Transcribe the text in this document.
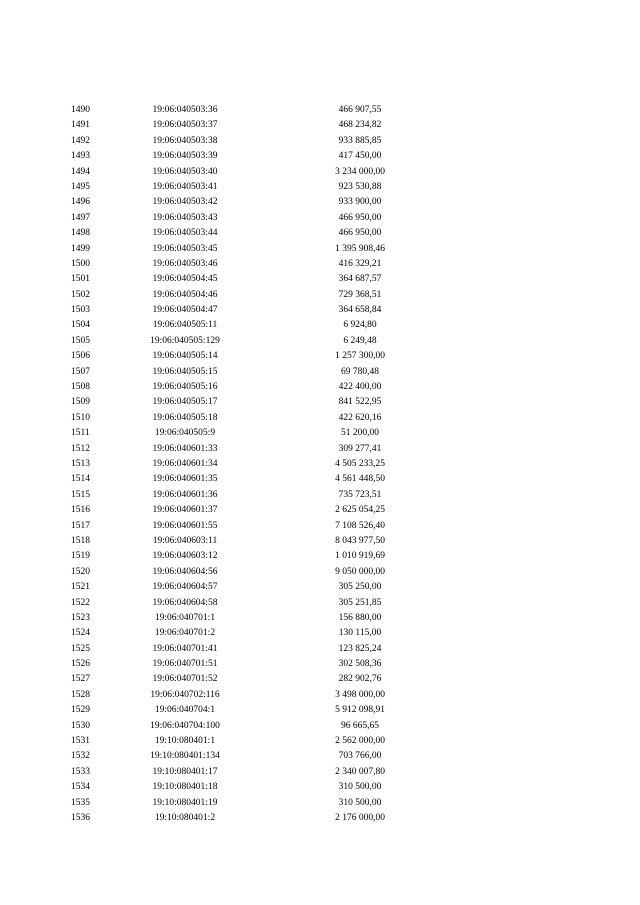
1490	19:06:040503:36	466 907,55
1491	19:06:040503:37	468 234,82
1492	19:06:040503:38	933 885,85
1493	19:06:040503:39	417 450,00
1494	19:06:040503:40	3 234 000,00
1495	19:06:040503:41	923 530,88
1496	19:06:040503:42	933 900,00
1497	19:06:040503:43	466 950,00
1498	19:06:040503:44	466 950,00
1499	19:06:040503:45	1 395 908,46
1500	19:06:040503:46	416 329,21
1501	19:06:040504:45	364 687,57
1502	19:06:040504:46	729 368,51
1503	19:06:040504:47	364 658,84
1504	19:06:040505:11	6 924,80
1505	19:06:040505:129	6 249,48
1506	19:06:040505:14	1 257 300,00
1507	19:06:040505:15	69 780,48
1508	19:06:040505:16	422 400,00
1509	19:06:040505:17	841 522,95
1510	19:06:040505:18	422 620,16
1511	19:06:040505:9	51 200,00
1512	19:06:040601:33	309 277,41
1513	19:06:040601:34	4 505 233,25
1514	19:06:040601:35	4 561 448,50
1515	19:06:040601:36	735 723,51
1516	19:06:040601:37	2 625 054,25
1517	19:06:040601:55	7 108 526,40
1518	19:06:040603:11	8 043 977,50
1519	19:06:040603:12	1 010 919,69
1520	19:06:040604:56	9 050 000,00
1521	19:06:040604:57	305 250,00
1522	19:06:040604:58	305 251,85
1523	19:06:040701:1	156 880,00
1524	19:06:040701:2	130 115,00
1525	19:06:040701:41	123 825,24
1526	19:06:040701:51	302 508,36
1527	19:06:040701:52	282 902,76
1528	19:06:040702:116	3 498 000,00
1529	19:06:040704:1	5 912 098,91
1530	19:06:040704:100	96 665,65
1531	19:10:080401:1	2 562 000,00
1532	19:10:080401:134	703 766,00
1533	19:10:080401:17	2 340 007,80
1534	19:10:080401:18	310 500,00
1535	19:10:080401:19	310 500,00
1536	19:10:080401:2	2 176 000,00
